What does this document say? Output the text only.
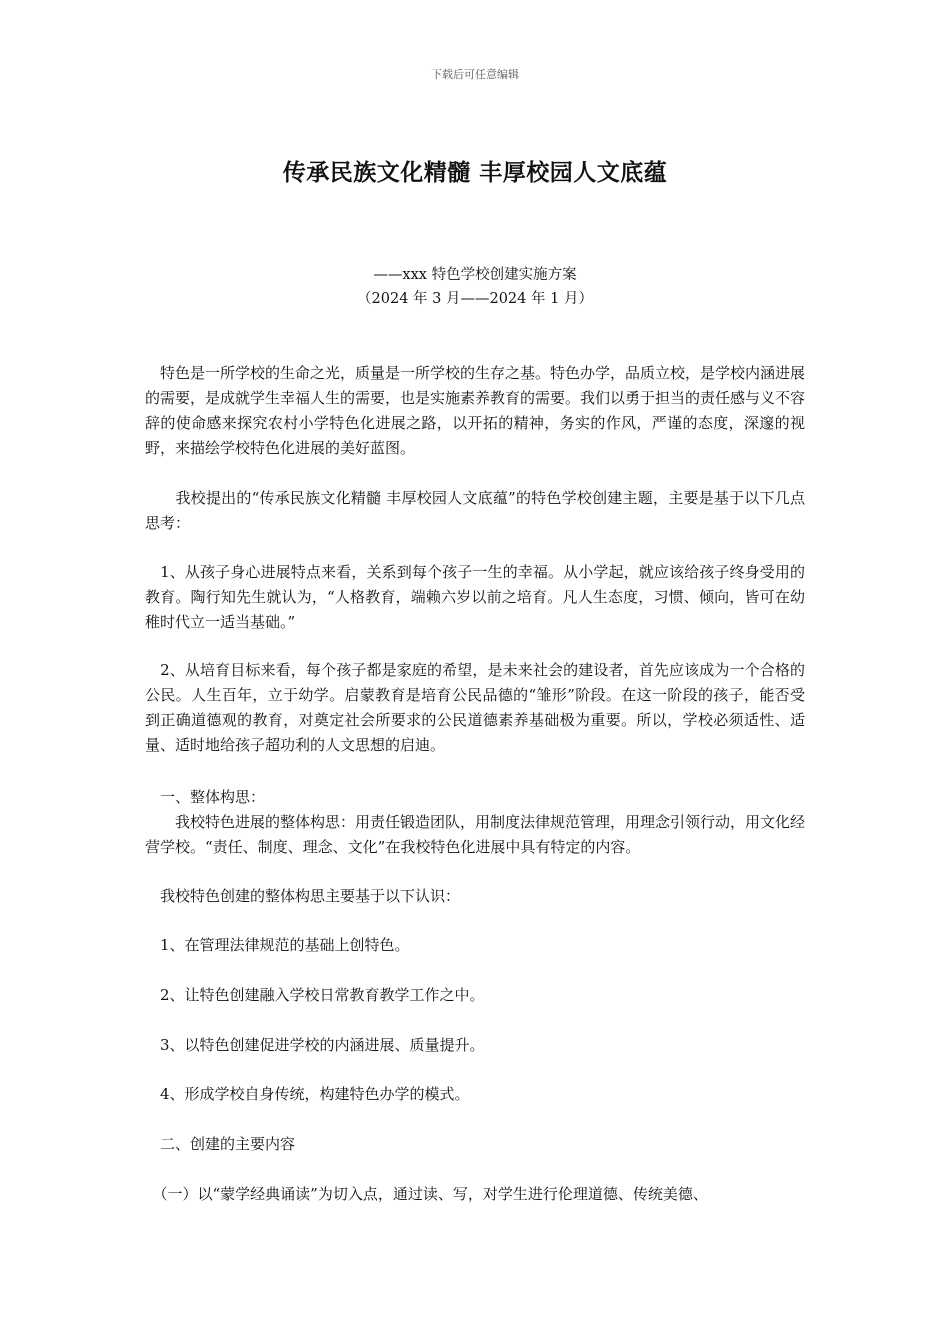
下载后可任意编辑
传承民族文化精髓 丰厚校园人文底蕴
——xxx 特色学校创建实施方案
（2024 年 3 月——2024 年 1 月）

　特色是一所学校的生命之光，质量是一所学校的生存之基。特色办学，品质立校，是学校内涵进展的需要，是成就学生幸福人生的需要，也是实施素养教育的需要。我们以勇于担当的责任感与义不容辞的使命感来探究农村小学特色化进展之路，以开拓的精神，务实的作风，严谨的态度，深邃的视野，来描绘学校特色化进展的美好蓝图。

　　我校提出的“传承民族文化精髓 丰厚校园人文底蕴”的特色学校创建主题，主要是基于以下几点思考：

　1、从孩子身心进展特点来看，关系到每个孩子一生的幸福。从小学起，就应该给孩子终身受用的教育。陶行知先生就认为，“人格教育，端赖六岁以前之培育。凡人生态度，习惯、倾向，皆可在幼稚时代立一适当基础。”

　2、从培育目标来看，每个孩子都是家庭的希望，是未来社会的建设者，首先应该成为一个合格的公民。人生百年，立于幼学。启蒙教育是培育公民品德的“雏形”阶段。在这一阶段的孩子，能否受到正确道德观的教育，对奠定社会所要求的公民道德素养基础极为重要。所以，学校必须适性、适量、适时地给孩子超功利的人文思想的启迪。

　一、整体构思：

　　我校特色进展的整体构思：用责任锻造团队，用制度法律规范管理，用理念引领行动，用文化经营学校。“责任、制度、理念、文化”在我校特色化进展中具有特定的内容。

　我校特色创建的整体构思主要基于以下认识：

　1、在管理法律规范的基础上创特色。

　2、让特色创建融入学校日常教育教学工作之中。

　3、以特色创建促进学校的内涵进展、质量提升。

　4、形成学校自身传统，构建特色办学的模式。

　二、创建的主要内容

　（一）以“蒙学经典诵读”为切入点，通过读、写，对学生进行伦理道德、传统美德、
